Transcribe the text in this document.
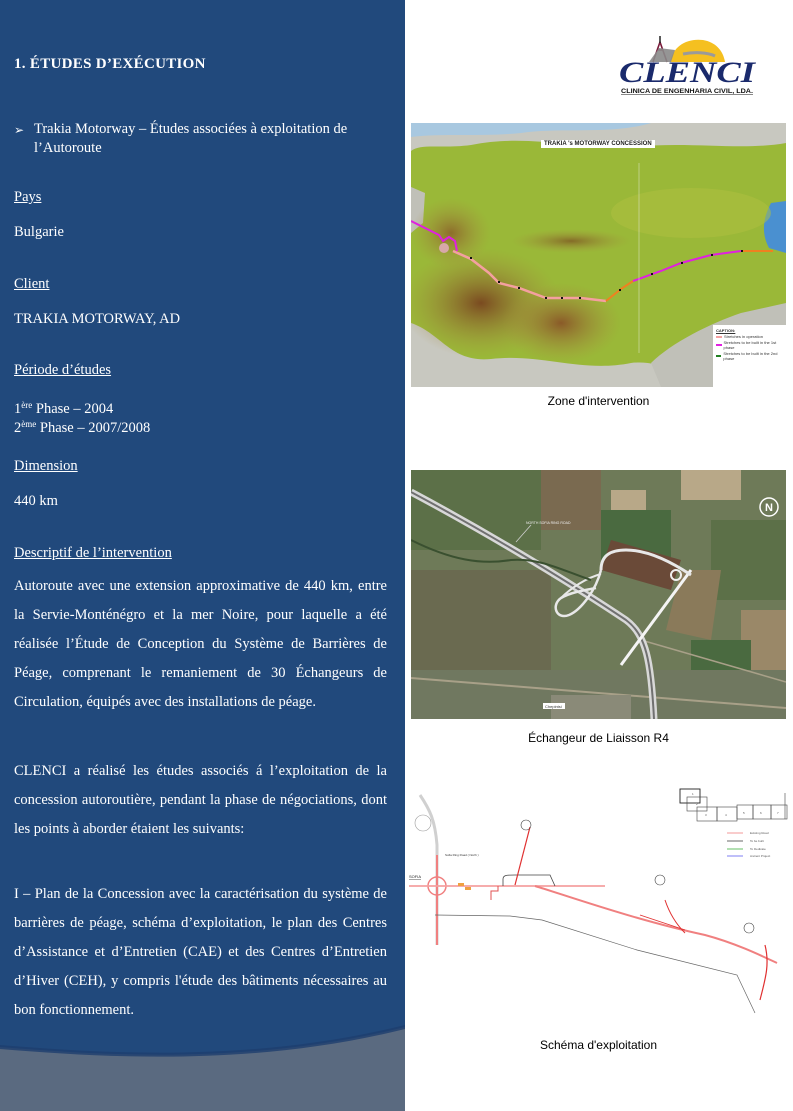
1. ÉTUDES D’EXÉCUTION
➢ Trakia Motorway – Études associées à exploitation de l’Autoroute
Pays
Bulgarie
Client
TRAKIA MOTORWAY, AD
Période d’études
1ère Phase – 2004
2ème Phase – 2007/2008
Dimension
440 km
Descriptif de l’intervention
Autoroute avec une extension approximative de 440 km, entre la Servie-Monténégro et la mer Noire, pour laquelle a été réalisée l’Étude de Conception du Système de Barrières de Péage, comprenant le remaniement de 30 Échangeurs de Circulation, équipés avec des installations de péage.
CLENCI a réalisé les études associés á l’exploitation de la concession autoroutière, pendant la phase de négociations, dont les points à aborder étaient les suivants:
I – Plan de la Concession avec la caractérisation du système de barrières de péage, schéma d’exploitation, le plan des Centres d’Assistance et d’Entretien (CAE) et des Centres d’Entretien d’Hiver (CEH), y compris l'étude des bâtiments nécessaires au bon fonctionnement.
CLENCI
CLINICA DE ENGENHARIA CIVIL, LDA.
TRAKIA 's MOTORWAY CONCESSION
CAPTION:
Stretches in operation
Stretches to be built in the 1st phase
Stretches to be built in the 2nd phase
Zone d'intervention
N
NORTH SOFIA RING ROAD
Chepintsi
Échangeur de Liaisson R4
1
2
3	4	5	6	7
Existing Road
To be built
To Dedicate
Ancient Project
SOFIA
Sofia Ring Road ( North )
Schéma d'exploitation
